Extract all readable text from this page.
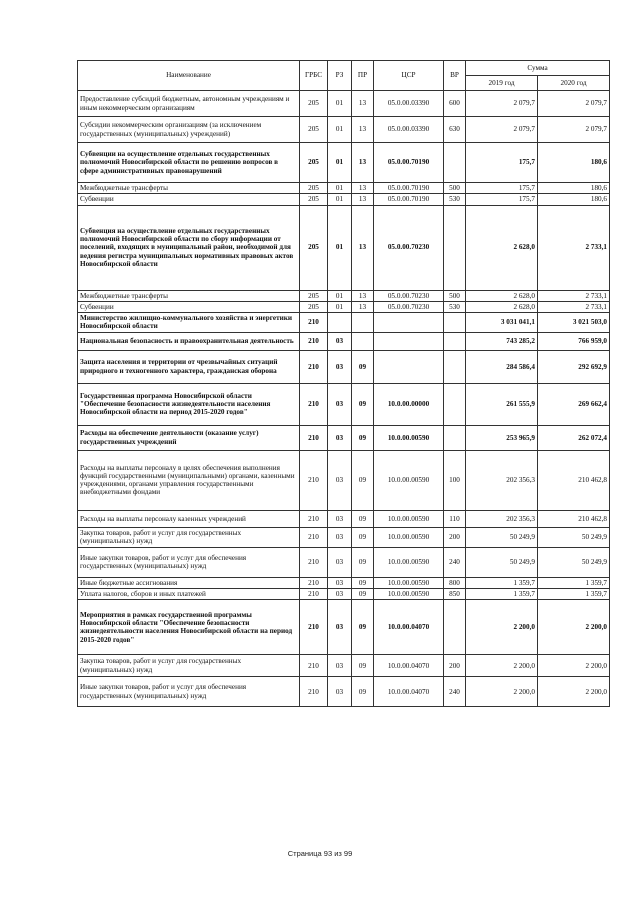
Наименование	ГРБС	РЗ	ПР	ЦСР	ВР	Сумма	
						2019 год	2020 год
Предоставление субсидий бюджетным, автономным учреждениям и иным некоммерческим организациям	205	01	13	05.0.00.03390	600	2 079,7	2 079,7
Субсидии некоммерческим организациям (за исключением государственных (муниципальных) учреждений)	205	01	13	05.0.00.03390	630	2 079,7	2 079,7
Субвенции на осуществление отдельных государственных полномочий Новосибирской области по решению вопросов в сфере административных правонарушений	205	01	13	05.0.00.70190		175,7	180,6
Межбюджетные трансферты	205	01	13	05.0.00.70190	500	175,7	180,6
Субвенции	205	01	13	05.0.00.70190	530	175,7	180,6
Субвенция на осуществление отдельных государственных полномочий Новосибирской области по сбору информации от поселений, входящих в муниципальный район, необходимой для ведения регистра муниципальных нормативных правовых актов Новосибирской области	205	01	13	05.0.00.70230		2 628,0	2 733,1
Межбюджетные трансферты	205	01	13	05.0.00.70230	500	2 628,0	2 733,1
Субвенции	205	01	13	05.0.00.70230	530	2 628,0	2 733,1
Министерство жилищно-коммунального хозяйства и энергетики Новосибирской области	210					3 031 041,1	3 021 503,0
Национальная безопасность и правоохранительная деятельность	210	03				743 285,2	766 959,0
Защита населения и территории от чрезвычайных ситуаций природного и техногенного характера, гражданская оборона	210	03	09			284 586,4	292 692,9
Государственная программа Новосибирской области "Обеспечение безопасности жизнедеятельности населения Новосибирской области на период 2015-2020 годов"	210	03	09	10.0.00.00000		261 555,9	269 662,4
Расходы на обеспечение деятельности (оказание услуг) государственных учреждений	210	03	09	10.0.00.00590		253 965,9	262 072,4
Расходы на выплаты персоналу в целях обеспечения выполнения функций государственными (муниципальными) органами, казенными учреждениями, органами управления государственными внебюджетными фондами	210	03	09	10.0.00.00590	100	202 356,3	210 462,8
Расходы на выплаты персоналу казенных учреждений	210	03	09	10.0.00.00590	110	202 356,3	210 462,8
Закупка товаров, работ и услуг для государственных (муниципальных) нужд	210	03	09	10.0.00.00590	200	50 249,9	50 249,9
Иные закупки товаров, работ и услуг для обеспечения государственных (муниципальных) нужд	210	03	09	10.0.00.00590	240	50 249,9	50 249,9
Иные бюджетные ассигнования	210	03	09	10.0.00.00590	800	1 359,7	1 359,7
Уплата налогов, сборов и иных платежей	210	03	09	10.0.00.00590	850	1 359,7	1 359,7
Мероприятия в рамках государственной программы Новосибирской области "Обеспечение безопасности жизнедеятельности населения Новосибирской области на период 2015-2020 годов"	210	03	09	10.0.00.04070		2 200,0	2 200,0
Закупка товаров, работ и услуг для государственных (муниципальных) нужд	210	03	09	10.0.00.04070	200	2 200,0	2 200,0
Иные закупки товаров, работ и услуг для обеспечения государственных (муниципальных) нужд	210	03	09	10.0.00.04070	240	2 200,0	2 200,0
Страница 93 из 99
